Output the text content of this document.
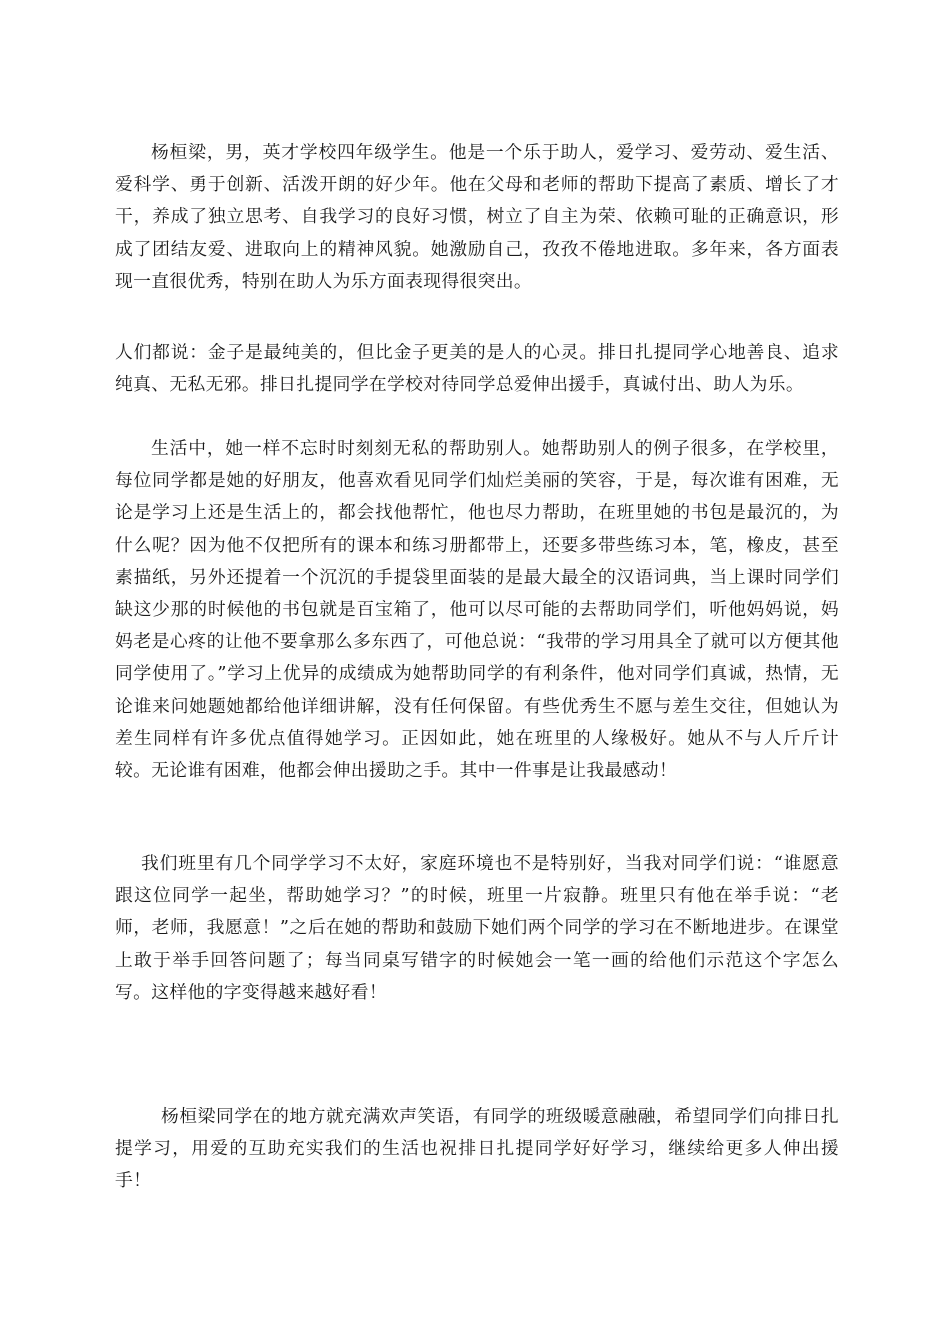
杨桓梁，男，英才学校四年级学生。他是一个乐于助人，爱学习、爱劳动、爱生活、爱科学、勇于创新、活泼开朗的好少年。他在父母和老师的帮助下提高了素质、增长了才干，养成了独立思考、自我学习的良好习惯，树立了自主为荣、依赖可耻的正确意识，形成了团结友爱、进取向上的精神风貌。她激励自己，孜孜不倦地进取。多年来，各方面表现一直很优秀，特别在助人为乐方面表现得很突出。

人们都说：金子是最纯美的，但比金子更美的是人的心灵。排日扎提同学心地善良、追求纯真、无私无邪。排日扎提同学在学校对待同学总爱伸出援手，真诚付出、助人为乐。

生活中，她一样不忘时时刻刻无私的帮助别人。她帮助别人的例子很多，在学校里，每位同学都是她的好朋友，他喜欢看见同学们灿烂美丽的笑容，于是，每次谁有困难，无论是学习上还是生活上的，都会找他帮忙，他也尽力帮助，在班里她的书包是最沉的，为什么呢？因为他不仅把所有的课本和练习册都带上，还要多带些练习本，笔，橡皮，甚至素描纸，另外还提着一个沉沉的手提袋里面装的是最大最全的汉语词典，当上课时同学们缺这少那的时候他的书包就是百宝箱了，他可以尽可能的去帮助同学们，听他妈妈说，妈妈老是心疼的让他不要拿那么多东西了，可他总说：“我带的学习用具全了就可以方便其他同学使用了。”学习上优异的成绩成为她帮助同学的有利条件，他对同学们真诚，热情，无论谁来问她题她都给他详细讲解，没有任何保留。有些优秀生不愿与差生交往，但她认为差生同样有许多优点值得她学习。正因如此，她在班里的人缘极好。她从不与人斤斤计较。无论谁有困难，他都会伸出援助之手。其中一件事是让我最感动！

我们班里有几个同学学习不太好，家庭环境也不是特别好，当我对同学们说：“谁愿意跟这位同学一起坐，帮助她学习？”的时候，班里一片寂静。班里只有他在举手说：“老师，老师，我愿意！”之后在她的帮助和鼓励下她们两个同学的学习在不断地进步。在课堂上敢于举手回答问题了；每当同桌写错字的时候她会一笔一画的给他们示范这个字怎么写。这样他的字变得越来越好看！

杨桓梁同学在的地方就充满欢声笑语，有同学的班级暖意融融，希望同学们向排日扎提学习，用爱的互助充实我们的生活也祝排日扎提同学好好学习，继续给更多人伸出援手！
